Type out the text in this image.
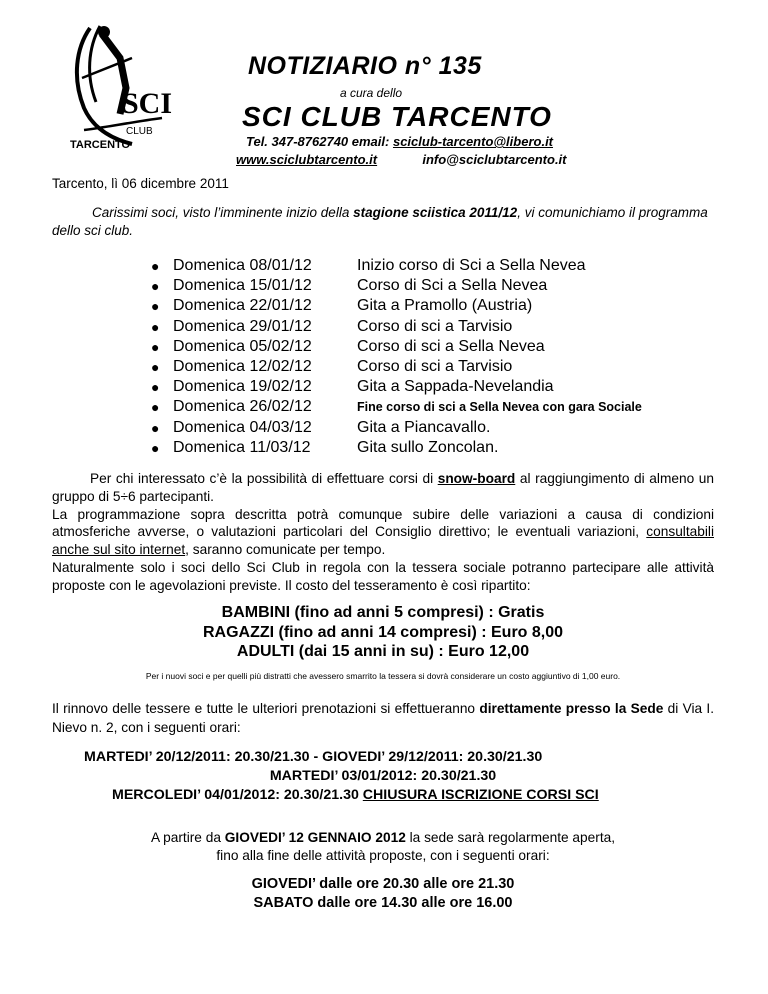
SCI
CLUB
TARCENTO
NOTIZIARIO n° 135
a cura dello
SCI CLUB TARCENTO
Tel. 347-8762740 email: sciclub-tarcento@libero.it
www.sciclubtarcento.it	info@sciclubtarcento.it
Tarcento, lì 06 dicembre 2011
Carissimi soci, visto l’imminente inizio della stagione sciistica 2011/12, vi comunichiamo il programma dello sci club.
● Domenica 08/01/12	Inizio corso di Sci a Sella Nevea
● Domenica 15/01/12	Corso di Sci a Sella Nevea
● Domenica 22/01/12	Gita a Pramollo (Austria)
● Domenica 29/01/12	Corso di sci a Tarvisio
● Domenica 05/02/12	Corso di sci a Sella Nevea
● Domenica 12/02/12	Corso di sci a Tarvisio
● Domenica 19/02/12	Gita a Sappada-Nevelandia
● Domenica 26/02/12	Fine corso di sci a Sella Nevea con gara Sociale
● Domenica 04/03/12	Gita a Piancavallo.
● Domenica 11/03/12	Gita sullo Zoncolan.
Per chi interessato c’è la possibilità di effettuare corsi di snow-board al raggiungimento di almeno un gruppo di 5÷6 partecipanti.
La programmazione sopra descritta potrà comunque subire delle variazioni a causa di condizioni atmosferiche avverse, o valutazioni particolari del Consiglio direttivo; le eventuali variazioni, consultabili anche sul sito internet, saranno comunicate per tempo.
Naturalmente solo i soci dello Sci Club in regola con la tessera sociale potranno partecipare alle attività proposte con le agevolazioni previste. Il costo del tesseramento è così ripartito:
BAMBINI (fino ad anni 5 compresi) : Gratis
RAGAZZI (fino ad anni 14 compresi) : Euro 8,00
ADULTI (dai 15 anni in su) : Euro 12,00
Per i nuovi soci e per quelli più distratti che avessero smarrito la tessera si dovrà considerare un costo aggiuntivo di 1,00 euro.
Il rinnovo delle tessere e tutte le ulteriori prenotazioni si effettueranno direttamente presso la Sede di Via I. Nievo n. 2, con i seguenti orari:
MARTEDI’ 20/12/2011: 20.30/21.30 - GIOVEDI’ 29/12/2011: 20.30/21.30
MARTEDI’ 03/01/2012: 20.30/21.30
MERCOLEDI’ 04/01/2012: 20.30/21.30 CHIUSURA ISCRIZIONE CORSI SCI
A partire da GIOVEDI’ 12 GENNAIO 2012 la sede sarà regolarmente aperta,
fino alla fine delle attività proposte, con i seguenti orari:
GIOVEDI’ dalle ore 20.30 alle ore 21.30
SABATO dalle ore 14.30 alle ore 16.00
